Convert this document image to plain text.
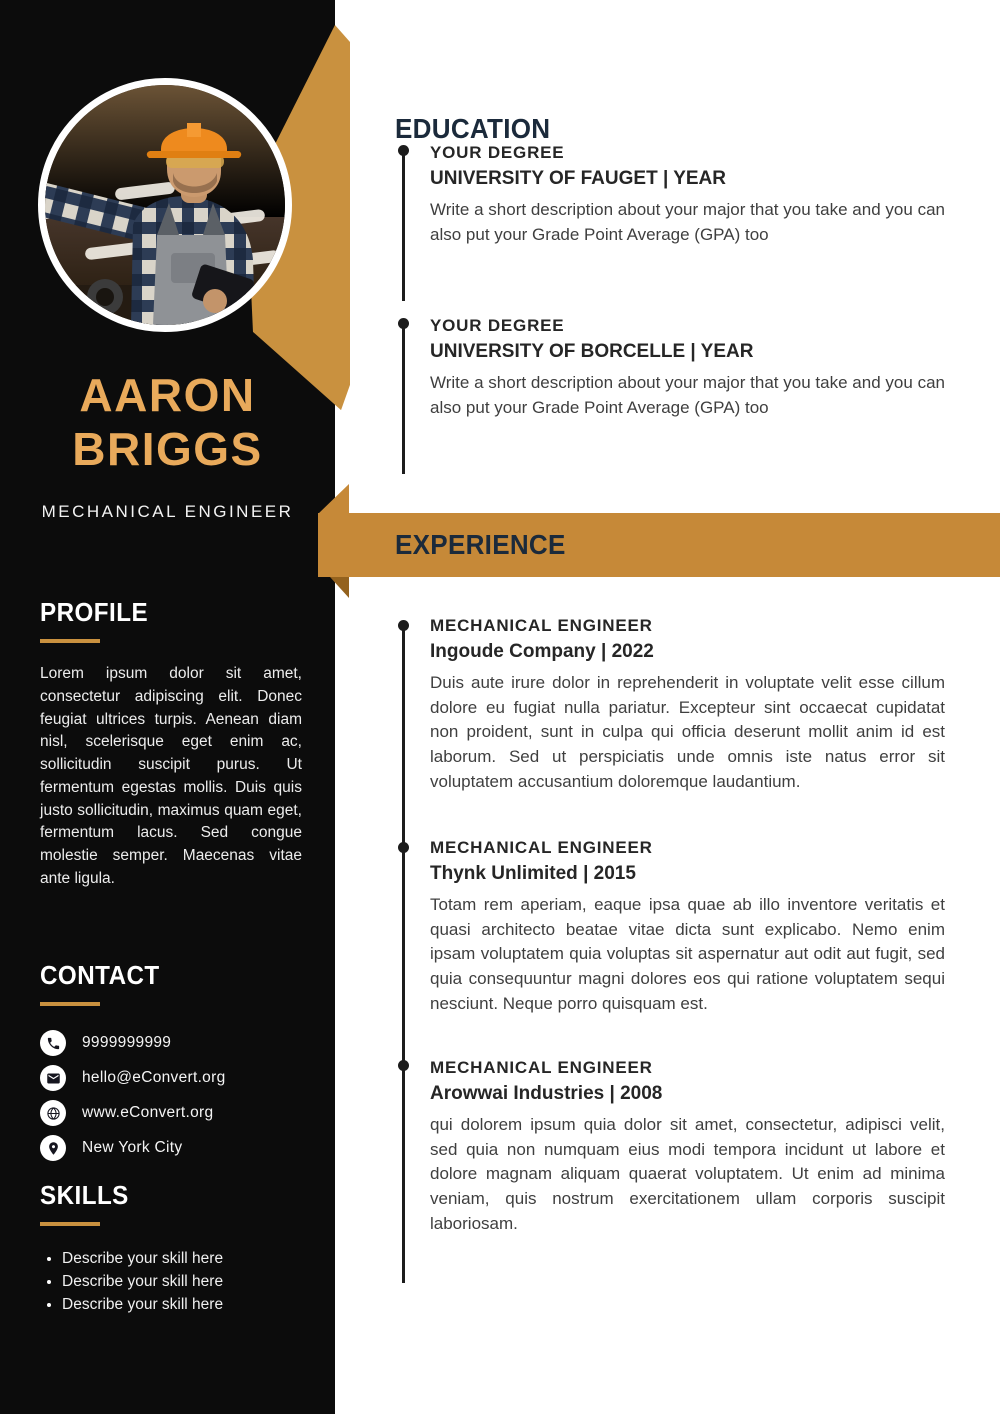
AARON
BRIGGS
MECHANICAL ENGINEER
PROFILE

Lorem ipsum dolor sit amet, consectetur adipiscing elit. Donec feugiat ultrices turpis. Aenean diam nisl, scelerisque eget enim ac, sollicitudin suscipit purus. Ut fermentum egestas mollis. Duis quis justo sollicitudin, maximus quam eget, fermentum lacus. Sed congue molestie semper. Maecenas vitae ante ligula.

CONTACT
9999999999
hello@eConvert.org
www.eConvert.org
New York City
SKILLS
• Describe your skill here
• Describe your skill here
• Describe your skill here
EDUCATION
YOUR DEGREE
UNIVERSITY OF FAUGET | YEAR
Write a short description about your major that you take and you can also put your Grade Point Average (GPA) too
YOUR DEGREE
UNIVERSITY OF BORCELLE | YEAR
Write a short description about your major that you take and you can also put your Grade Point Average (GPA) too
EXPERIENCE
MECHANICAL ENGINEER
Ingoude Company | 2022
Duis aute irure dolor in reprehenderit in voluptate velit esse cillum dolore eu fugiat nulla pariatur. Excepteur sint occaecat cupidatat non proident, sunt in culpa qui officia deserunt mollit anim id est laborum. Sed ut perspiciatis unde omnis iste natus error sit voluptatem accusantium doloremque laudantium.
MECHANICAL ENGINEER
Thynk Unlimited | 2015
Totam rem aperiam, eaque ipsa quae ab illo inventore veritatis et quasi architecto beatae vitae dicta sunt explicabo. Nemo enim ipsam voluptatem quia voluptas sit aspernatur aut odit aut fugit, sed quia consequuntur magni dolores eos qui ratione voluptatem sequi nesciunt. Neque porro quisquam est.
MECHANICAL ENGINEER
Arowwai Industries | 2008
qui dolorem ipsum quia dolor sit amet, consectetur, adipisci velit, sed quia non numquam eius modi tempora incidunt ut labore et dolore magnam aliquam quaerat voluptatem. Ut enim ad minima veniam, quis nostrum exercitationem ullam corporis suscipit laboriosam.
